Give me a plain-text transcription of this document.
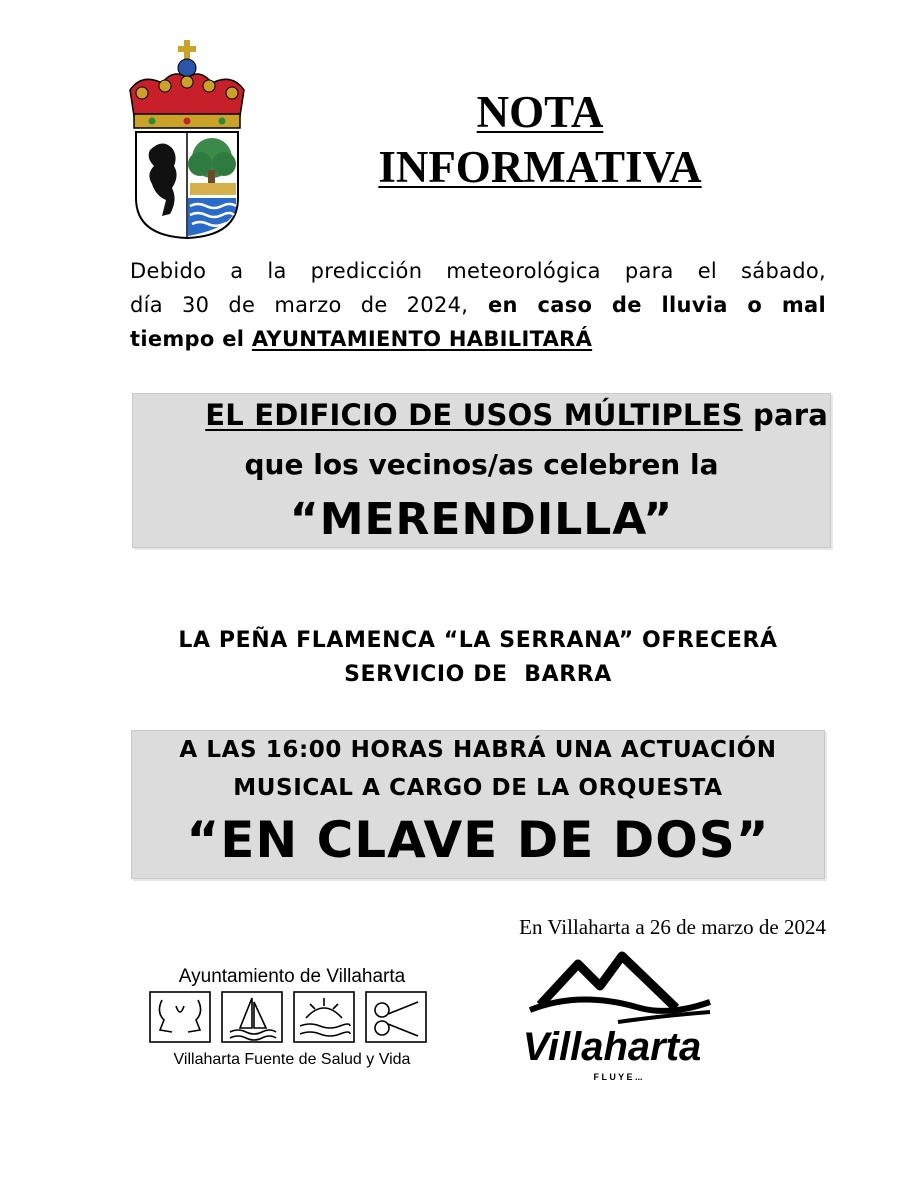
NOTA
INFORMATIVA
Debido a la predicción meteorológica para el sábado,
día 30 de marzo de 2024, en caso de lluvia o mal
tiempo el AYUNTAMIENTO HABILITARÁ
EL EDIFICIO DE USOS MÚLTIPLES para
que los vecinos/as celebren la
“MERENDILLA”
LA PEÑA FLAMENCA “LA SERRANA” OFRECERÁ
SERVICIO DE  BARRA
A LAS 16:00 HORAS HABRÁ UNA ACTUACIÓN
MUSICAL A CARGO DE LA ORQUESTA
“EN CLAVE DE DOS”
En Villaharta a 26 de marzo de 2024
Ayuntamiento de Villaharta
Villaharta Fuente de Salud y Vida	Villaharta
F L U Y E ...
